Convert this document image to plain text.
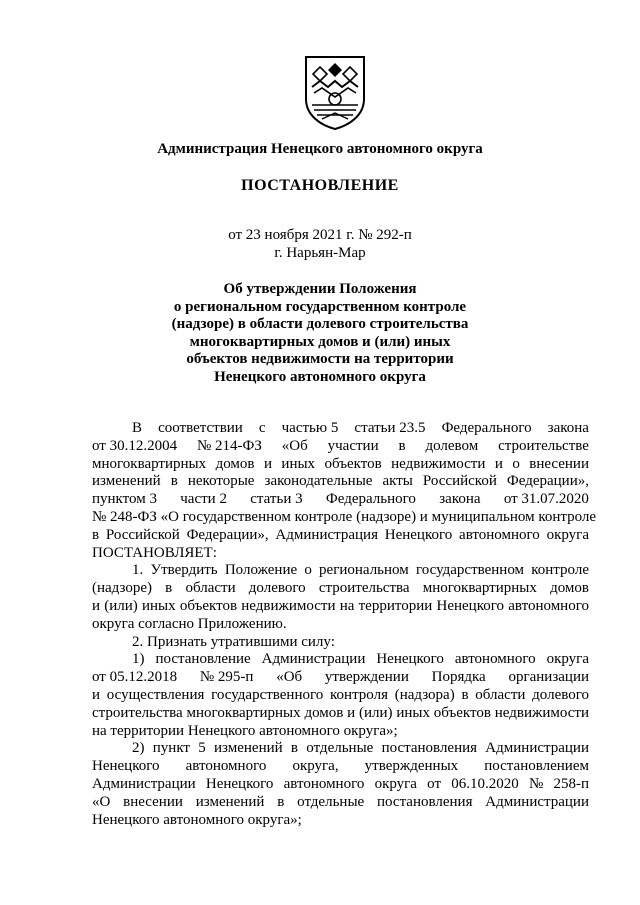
Администрация Ненецкого автономного округа
ПОСТАНОВЛЕНИЕ
от 23 ноября 2021 г. № 292-п
г. Нарьян-Мар
Об утверждении Положения
о региональном государственном контроле
(надзоре) в области долевого строительства
многоквартирных домов и (или) иных
объектов недвижимости на территории
Ненецкого автономного округа
В соответствии с частью 5 статьи 23.5 Федерального закона
от 30.12.2004 № 214-ФЗ «Об участии в долевом строительстве
многоквартирных домов и иных объектов недвижимости и о внесении
изменений в некоторые законодательные акты Российской Федерации»,
пунктом 3 части 2 статьи 3 Федерального закона от 31.07.2020
№ 248-ФЗ «О государственном контроле (надзоре) и муниципальном контроле
в Российской Федерации», Администрация Ненецкого автономного округа
ПОСТАНОВЛЯЕТ:
1. Утвердить Положение о региональном государственном контроле
(надзоре) в области долевого строительства многоквартирных домов
и (или) иных объектов недвижимости на территории Ненецкого автономного
округа согласно Приложению.
2. Признать утратившими силу:
1) постановление Администрации Ненецкого автономного округа
от 05.12.2018 № 295-п «Об утверждении Порядка организации
и осуществления государственного контроля (надзора) в области долевого
строительства многоквартирных домов и (или) иных объектов недвижимости
на территории Ненецкого автономного округа»;
2) пункт 5 изменений в отдельные постановления Администрации
Ненецкого автономного округа, утвержденных постановлением
Администрации Ненецкого автономного округа от 06.10.2020 № 258-п
«О внесении изменений в отдельные постановления Администрации
Ненецкого автономного округа»;
